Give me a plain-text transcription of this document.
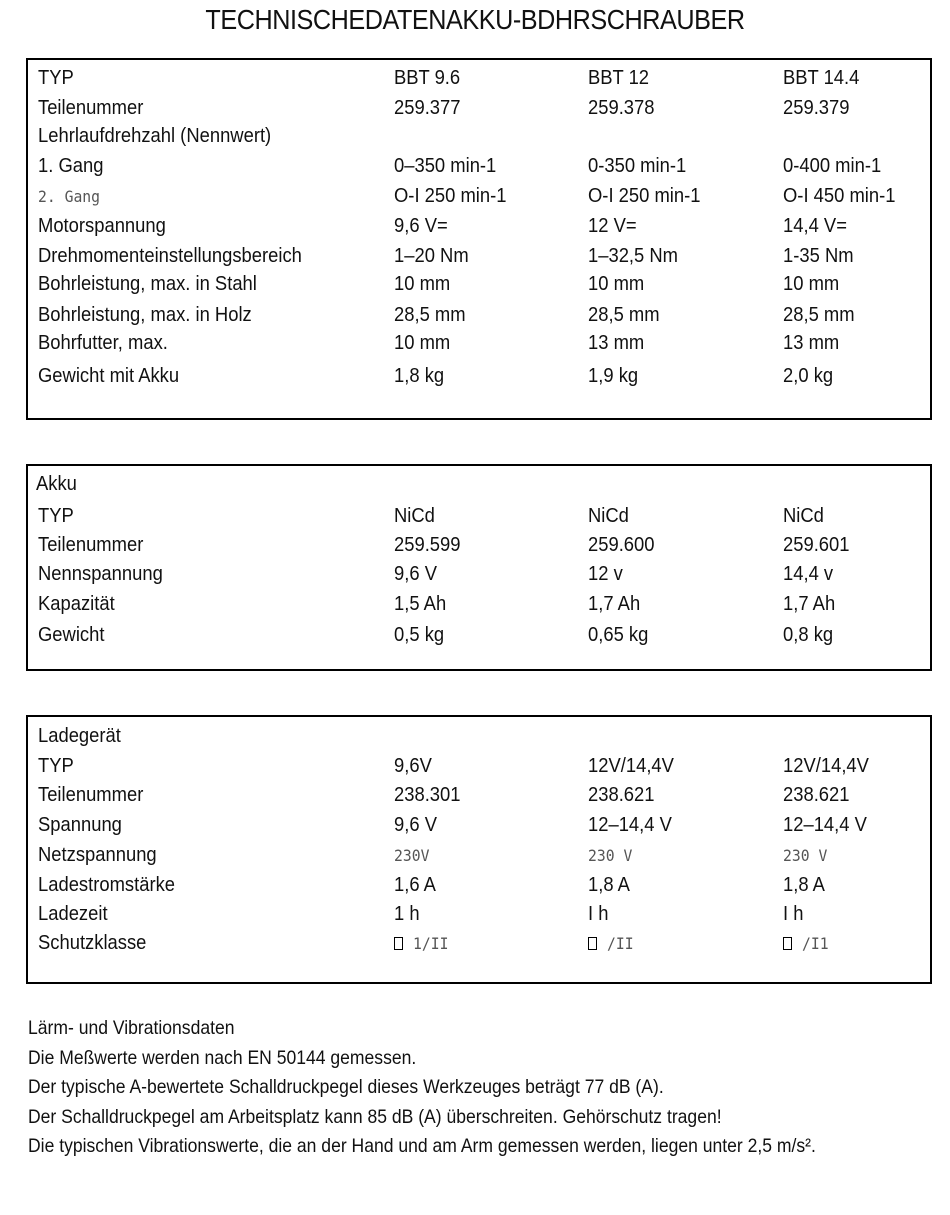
TECHNISCHEDATENAKKU-BDHRSCHRAUBER
TYP	BBT 9.6	BBT 12	BBT 14.4
Teilenummer	259.377	259.378	259.379
Lehrlaufdrehzahl (Nennwert)
1. Gang	0–350 min-1	0-350 min-1	0-400 min-1
2. Gang	O-I 250 min-1	O-I 250 min-1	O-I 450 min-1
Motorspannung	9,6 V=	12 V=	14,4 V=
Drehmomenteinstellungsbereich	1–20 Nm	1–32,5 Nm	1-35 Nm
Bohrleistung, max. in Stahl	10 mm	10 mm	10 mm
Bohrleistung, max. in Holz	28,5 mm	28,5 mm	28,5 mm
Bohrfutter, max.	10 mm	13 mm	13 mm
Gewicht mit Akku	1,8 kg	1,9 kg	2,0 kg
Akku
TYP	NiCd	NiCd	NiCd
Teilenummer	259.599	259.600	259.601
Nennspannung	9,6 V	12 v	14,4 v
Kapazität	1,5 Ah	1,7 Ah	1,7 Ah
Gewicht	0,5 kg	0,65 kg	0,8 kg
Ladegerät
TYP	9,6V	12V/14,4V	12V/14,4V
Teilenummer	238.301	238.621	238.621
Spannung	9,6 V	12–14,4 V	12–14,4 V
Netzspannung	230V	230 V	230 V
Ladestromstärke	1,6 A	1,8 A	1,8 A
Ladezeit	1 h	I h	I h
Schutzklasse	1/II	/II	/I1
Lärm- und Vibrationsdaten
Die Meßwerte werden nach EN 50144 gemessen.
Der typische A-bewertete Schalldruckpegel dieses Werkzeuges beträgt 77 dB (A).
Der Schalldruckpegel am Arbeitsplatz kann 85 dB (A) überschreiten. Gehörschutz tragen!
Die typischen Vibrationswerte, die an der Hand und am Arm gemessen werden, liegen unter 2,5 m/s².
